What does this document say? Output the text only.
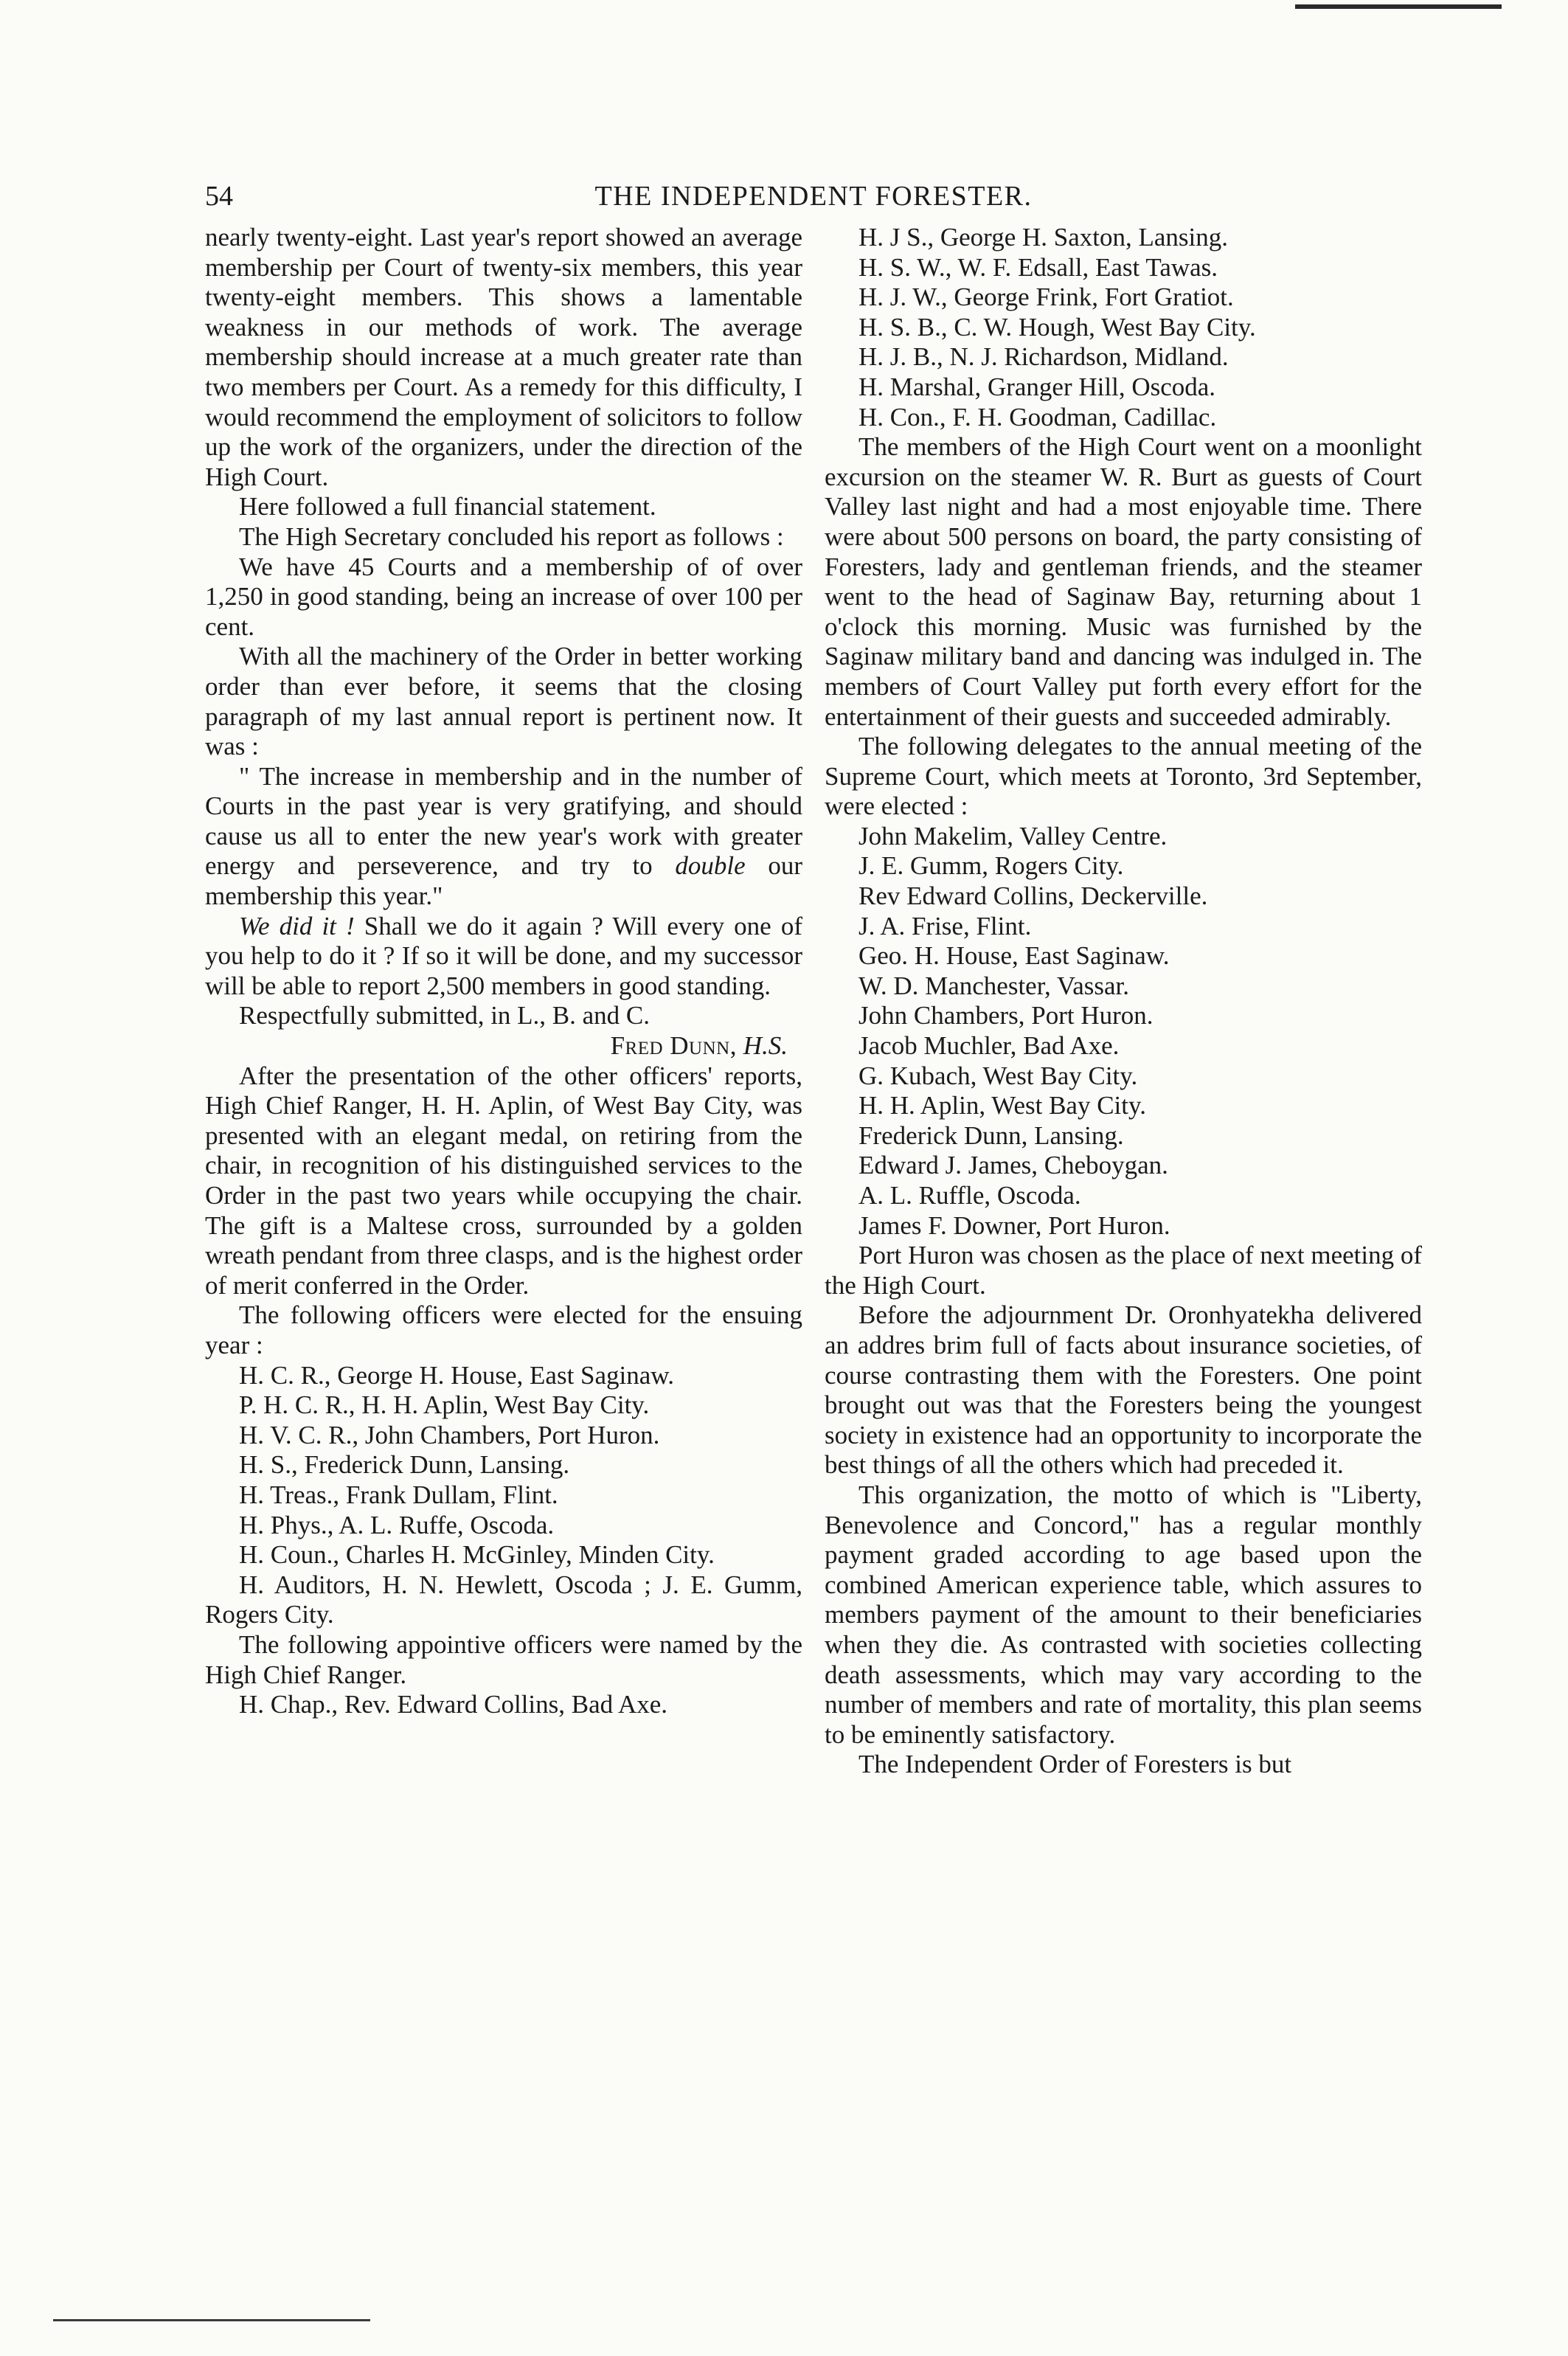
54	THE INDEPENDENT FORESTER.

nearly twenty-eight. Last year's report showed an average membership per Court of twenty-six members, this year twenty-eight members. This shows a lamentable weakness in our methods of work. The average membership should increase at a much greater rate than two members per Court. As a remedy for this difficulty, I would recommend the employment of solicitors to follow up the work of the organizers, under the direction of the High Court.

Here followed a full financial statement.

The High Secretary concluded his report as follows :

We have 45 Courts and a membership of of over 1,250 in good standing, being an increase of over 100 per cent.

With all the machinery of the Order in better working order than ever before, it seems that the closing paragraph of my last annual report is pertinent now. It was :

" The increase in membership and in the number of Courts in the past year is very gratifying, and should cause us all to enter the new year's work with greater energy and perseverence, and try to double our membership this year."

We did it ! Shall we do it again ? Will every one of you help to do it ? If so it will be done, and my successor will be able to report 2,500 members in good standing.

Respectfully submitted, in L., B. and C.

Fred Dunn, H.S.

After the presentation of the other officers' reports, High Chief Ranger, H. H. Aplin, of West Bay City, was presented with an elegant medal, on retiring from the chair, in recognition of his distinguished services to the Order in the past two years while occupying the chair. The gift is a Maltese cross, surrounded by a golden wreath pendant from three clasps, and is the highest order of merit conferred in the Order.

The following officers were elected for the ensuing year :

H. C. R., George H. House, East Saginaw.

P. H. C. R., H. H. Aplin, West Bay City.

H. V. C. R., John Chambers, Port Huron.

H. S., Frederick Dunn, Lansing.

H. Treas., Frank Dullam, Flint.

H. Phys., A. L. Ruffe, Oscoda.

H. Coun., Charles H. McGinley, Minden City.

H. Auditors, H. N. Hewlett, Oscoda ; J. E. Gumm, Rogers City.

The following appointive officers were named by the High Chief Ranger.

H. Chap., Rev. Edward Collins, Bad Axe.

H. J S., George H. Saxton, Lansing.

H. S. W., W. F. Edsall, East Tawas.

H. J. W., George Frink, Fort Gratiot.

H. S. B., C. W. Hough, West Bay City.

H. J. B., N. J. Richardson, Midland.

H. Marshal, Granger Hill, Oscoda.

H. Con., F. H. Goodman, Cadillac.

The members of the High Court went on a moonlight excursion on the steamer W. R. Burt as guests of Court Valley last night and had a most enjoyable time. There were about 500 persons on board, the party consisting of Foresters, lady and gentleman friends, and the steamer went to the head of Saginaw Bay, returning about 1 o'clock this morning. Music was furnished by the Saginaw military band and dancing was indulged in. The members of Court Valley put forth every effort for the entertainment of their guests and succeeded admirably.

The following delegates to the annual meeting of the Supreme Court, which meets at Toronto, 3rd September, were elected :

John Makelim, Valley Centre.

J. E. Gumm, Rogers City.

Rev Edward Collins, Deckerville.

J. A. Frise, Flint.

Geo. H. House, East Saginaw.

W. D. Manchester, Vassar.

John Chambers, Port Huron.

Jacob Muchler, Bad Axe.

G. Kubach, West Bay City.

H. H. Aplin, West Bay City.

Frederick Dunn, Lansing.

Edward J. James, Cheboygan.

A. L. Ruffle, Oscoda.

James F. Downer, Port Huron.

Port Huron was chosen as the place of next meeting of the High Court.

Before the adjournment Dr. Oronhyatekha delivered an addres brim full of facts about insurance societies, of course contrasting them with the Foresters. One point brought out was that the Foresters being the youngest society in existence had an opportunity to incorporate the best things of all the others which had preceded it.

This organization, the motto of which is "Liberty, Benevolence and Concord," has a regular monthly payment graded according to age based upon the combined American experience table, which assures to members payment of the amount to their beneficiaries when they die. As contrasted with societies collecting death assessments, which may vary according to the number of members and rate of mortality, this plan seems to be eminently satisfactory.

The Independent Order of Foresters is but
